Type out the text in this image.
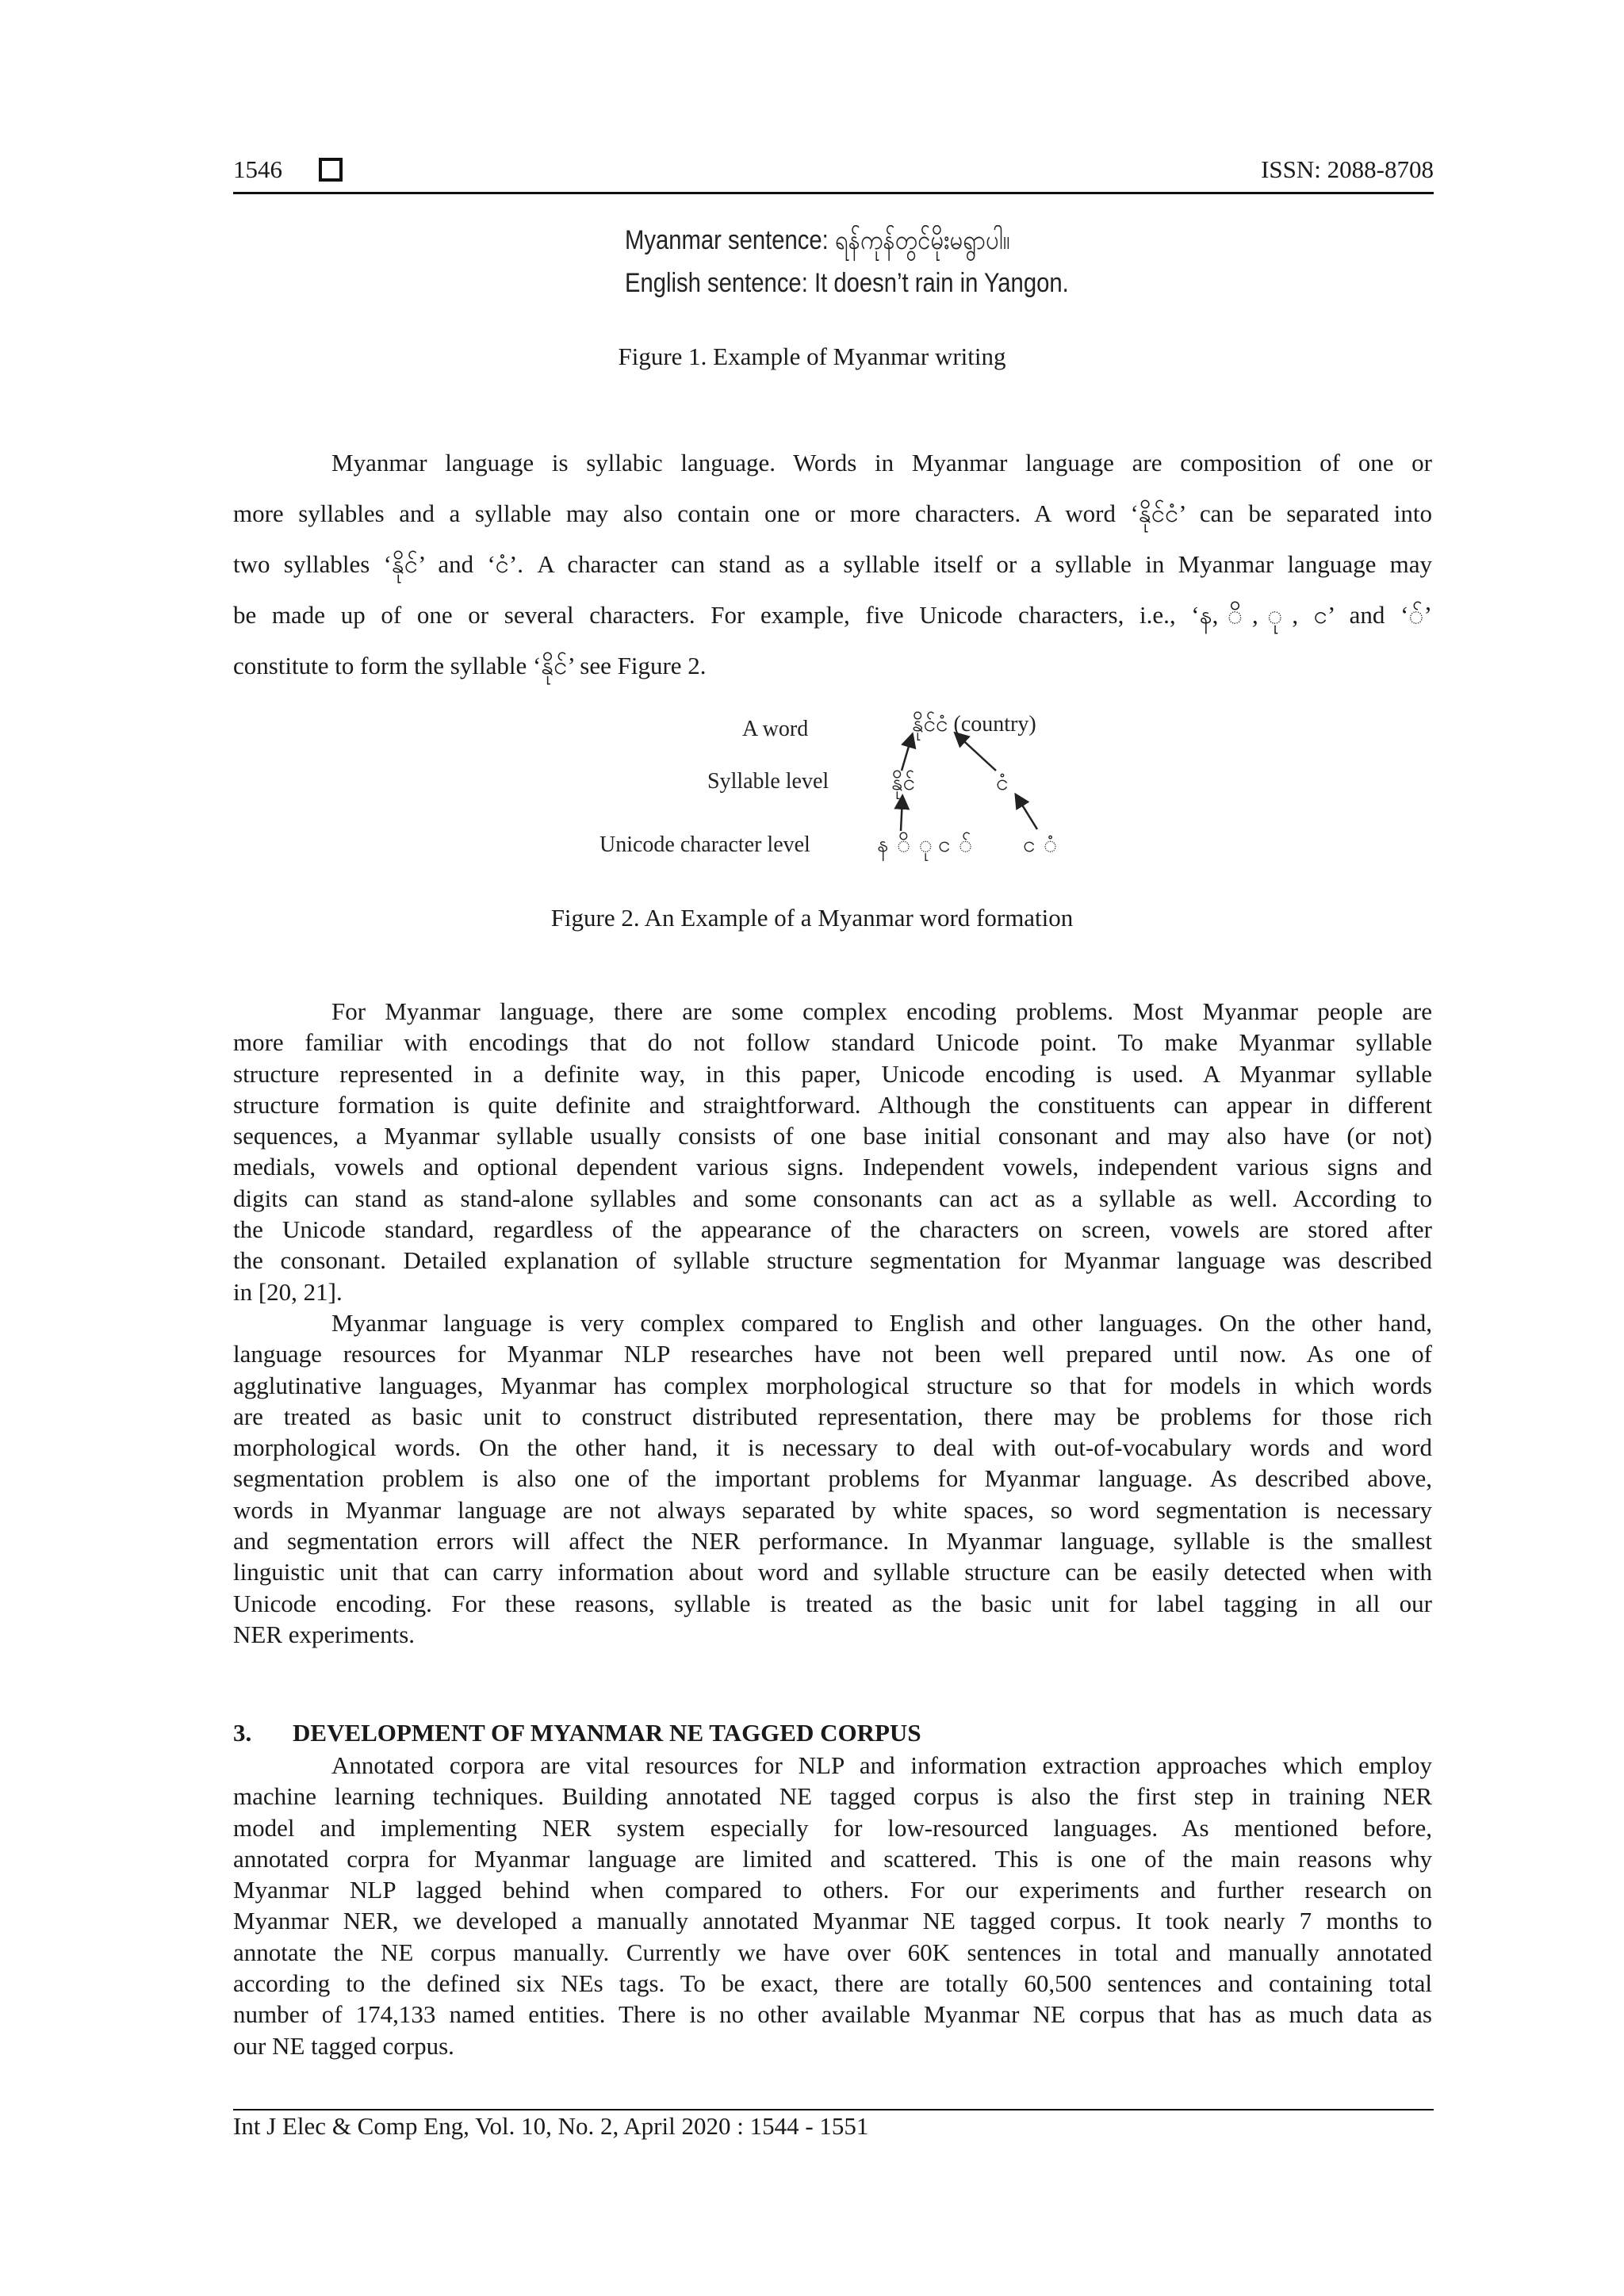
1546	ISSN: 2088-8708
Myanmar sentence: ရန်ကုန်တွင်မိုးမရွာပါ။
English sentence: It doesn’t rain in Yangon.
Figure 1. Example of Myanmar writing
Myanmar language is syllabic language. Words in Myanmar language are composition of one or
more syllables and a syllable may also contain one or more characters. A word ‘နိုင်ငံ’ can be separated into
two syllables ‘နိုင်’ and ‘ငံ’. A character can stand as a syllable itself or a syllable in Myanmar language may
be made up of one or several characters. For example, five Unicode characters, i.e., ‘န, ိ, ု, င’ and ‘်’
constitute to form the syllable ‘နိုင်’ see Figure 2.
A word
Syllable level
Unicode character level
နိုင်ငံ (country)
နိုင်	ငံ
န ိ ု င ် င ံ
Figure 2. An Example of a Myanmar word formation
For Myanmar language, there are some complex encoding problems. Most Myanmar people are
more familiar with encodings that do not follow standard Unicode point. To make Myanmar syllable
structure represented in a definite way, in this paper, Unicode encoding is used. A Myanmar syllable
structure formation is quite definite and straightforward. Although the constituents can appear in different
sequences, a Myanmar syllable usually consists of one base initial consonant and may also have (or not)
medials, vowels and optional dependent various signs. Independent vowels, independent various signs and
digits can stand as stand-alone syllables and some consonants can act as a syllable as well. According to
the Unicode standard, regardless of the appearance of the characters on screen, vowels are stored after
the consonant. Detailed explanation of syllable structure segmentation for Myanmar language was described
in [20, 21].
Myanmar language is very complex compared to English and other languages. On the other hand,
language resources for Myanmar NLP researches have not been well prepared until now. As one of
agglutinative languages, Myanmar has complex morphological structure so that for models in which words
are treated as basic unit to construct distributed representation, there may be problems for those rich
morphological words. On the other hand, it is necessary to deal with out-of-vocabulary words and word
segmentation problem is also one of the important problems for Myanmar language. As described above,
words in Myanmar language are not always separated by white spaces, so word segmentation is necessary
and segmentation errors will affect the NER performance. In Myanmar language, syllable is the smallest
linguistic unit that can carry information about word and syllable structure can be easily detected when with
Unicode encoding. For these reasons, syllable is treated as the basic unit for label tagging in all our
NER experiments.
3. DEVELOPMENT OF MYANMAR NE TAGGED CORPUS
Annotated corpora are vital resources for NLP and information extraction approaches which employ
machine learning techniques. Building annotated NE tagged corpus is also the first step in training NER
model and implementing NER system especially for low-resourced languages. As mentioned before,
annotated corpra for Myanmar language are limited and scattered. This is one of the main reasons why
Myanmar NLP lagged behind when compared to others. For our experiments and further research on
Myanmar NER, we developed a manually annotated Myanmar NE tagged corpus. It took nearly 7 months to
annotate the NE corpus manually. Currently we have over 60K sentences in total and manually annotated
according to the defined six NEs tags. To be exact, there are totally 60,500 sentences and containing total
number of 174,133 named entities. There is no other available Myanmar NE corpus that has as much data as
our NE tagged corpus.
Int J Elec & Comp Eng, Vol. 10, No. 2, April 2020 : 1544 - 1551
